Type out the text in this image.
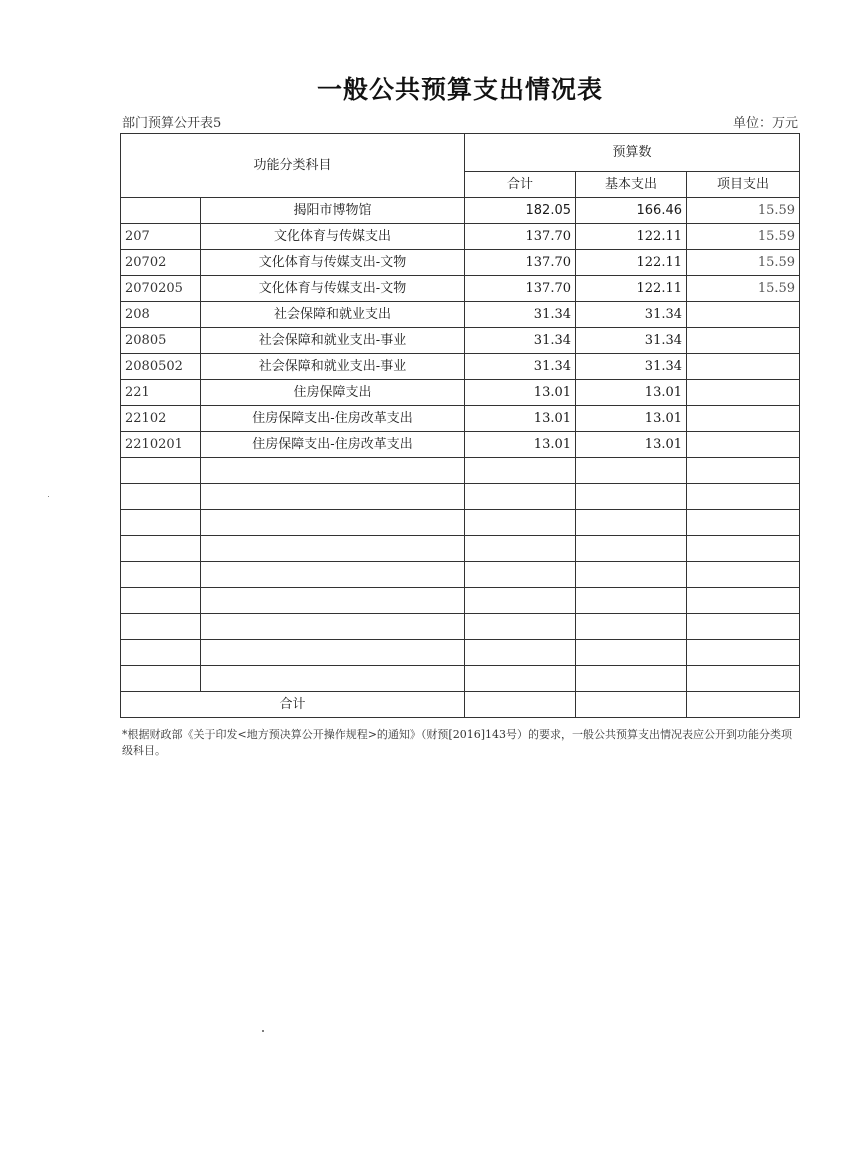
一般公共预算支出情况表
部门预算公开表5	单位：万元
功能分类科目		预算数		
		合计	基本支出	项目支出
	揭阳市博物馆	182.05	166.46	15.59
207	文化体育与传媒支出	137.70	122.11	15.59
20702	文化体育与传媒支出-文物	137.70	122.11	15.59
2070205	文化体育与传媒支出-文物	137.70	122.11	15.59
208	社会保障和就业支出	31.34	31.34	
20805	社会保障和就业支出-事业	31.34	31.34	
2080502	社会保障和就业支出-事业	31.34	31.34	
221	住房保障支出	13.01	13.01	
22102	住房保障支出-住房改革支出	13.01	13.01	
2210201	住房保障支出-住房改革支出	13.01	13.01	

合计				
*根据财政部《关于印发<地方预决算公开操作规程>的通知》（财预[2016]143号）的要求，一般公共预算支出情况表应公开到功能分类项级科目。
